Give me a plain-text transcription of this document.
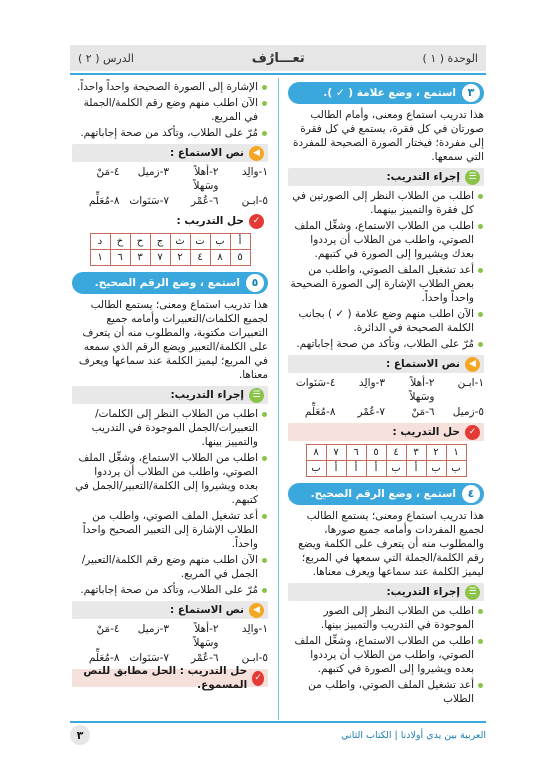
الدرس ( ٢ )	تعـــارُف	الوحدة ( ١ )
٣
استمع ، وضع علامة ( ✓ ).

هذا تدريب استماع ومعنى، وأمام الطالب صورتان في كل فقرة، يستمع في كل فقرة إلى مفردة؛ فيختار الصورة الصحيحة للمفردة التي سمعها.

☰
إجراء التدريب:
اطلب من الطلاب النظر إلى الصورتين في كل فقرة والتمييز بينهما.
اطلب من الطلاب الاستماع، وشغِّل الملف الصوتي، واطلب من الطلاب أن يرددوا بعدك ويشيروا إلى الصورة في كتبهم.
أعد تشغيل الملف الصوتي، واطلب من بعض الطلاب الإشارة إلى الصورة الصحيحة واحداً واحداً.
الآن اطلب منهم وضع علامة ( ✓ ) بجانب الكلمة الصحيحة في الدائرة.
مُرّ على الطلاب، وتأكد من صحة إجاباتهم.
◀
نص الاستماع :
١-ابـن
٢-أهلاً وسَهلاً
٣-والِد
٤-سَنَوات
٥-زميل
٦-مَنْ
٧-عُمْر
٨-مُعَلِّم
✓
حل التدريب :
١	٢	٣	٤	٥	٦	٧	٨
ب	ب	أ	ب	أ	أ	أ	ب
٤
استمع ، وضع الرقم الصحيح.

هذا تدريب استماع ومعنى؛ يستمع الطالب لجميع المفردات وأمامه جميع صورها، والمطلوب منه أن يتعرف على الكلمة ويضع رقم الكلمة/الجملة التي سمعها في المربع؛ ليميز الكلمة عند سماعها ويعرف معناها.

☰
إجراء التدريب:
اطلب من الطلاب النظر إلى الصور الموجودة في التدريب والتمييز بينها.
اطلب من الطلاب الاستماع، وشغِّل الملف الصوتي، واطلب من الطلاب أن يرددوا بعده ويشيروا إلى الصورة في كتبهم.
أعد تشغيل الملف الصوتي، واطلب من الطلاب
الإشارة إلى الصورة الصحيحة واحداً واحداً.
الآن اطلب منهم وضع رقم الكلمة/الجملة في المربع.
مُرّ على الطلاب، وتأكد من صحة إجاباتهم.
◀
نص الاستماع :
١-والِد
٢-أهلاً وسَهلاً
٣-زميل
٤-مَنْ
٥-ابـن
٦-عُمْر
٧-سَنَوات
٨-مُعَلِّم
✓
حل التدريب :
أ	ب	ت	ث	ج	ح	خ	د
٥	٨	٤	٢	٧	٣	٦	١
٥
استمع ، وضع الرقم الصحيح.

هذا تدريب استماع ومعنى؛ يستمع الطالب لجميع الكلمات/التعبيرات وأمامه جميع التعبيرات مكتوبة، والمطلوب منه أن يتعرف على الكلمة/التعبير ويضع الرقم الذي سمعه في المربع؛ ليميز الكلمة عند سماعها ويعرف معناها.

☰
إجراء التدريب:
اطلب من الطلاب النظر إلى الكلمات/التعبيرات/الجمل الموجودة في التدريب والتمييز بينها.
اطلب من الطلاب الاستماع، وشغِّل الملف الصوتي، واطلب من الطلاب أن يرددوا بعده ويشيروا إلى الكلمة/التعبير/الجمل في كتبهم.
أعد تشغيل الملف الصوتي، واطلب من الطلاب الإشارة إلى التعبير الصحيح واحداً واحداً.
الآن اطلب منهم وضع رقم الكلمة/التعبير/الجمل في المربع.
مُرّ على الطلاب، وتأكد من صحة إجاباتهم.
◀
نص الاستماع :
١-والِد
٢-أهلاً وسَهلاً
٣-زميل
٤-مَنْ
٥-ابـن
٦-عُمْر
٧-سَنَوات
٨-مُعَلِّم
✓
حل التدريب : الحل مطابق للنص المسموع.
٣	العربية بين يدي أولادنا | الكتاب الثاني
